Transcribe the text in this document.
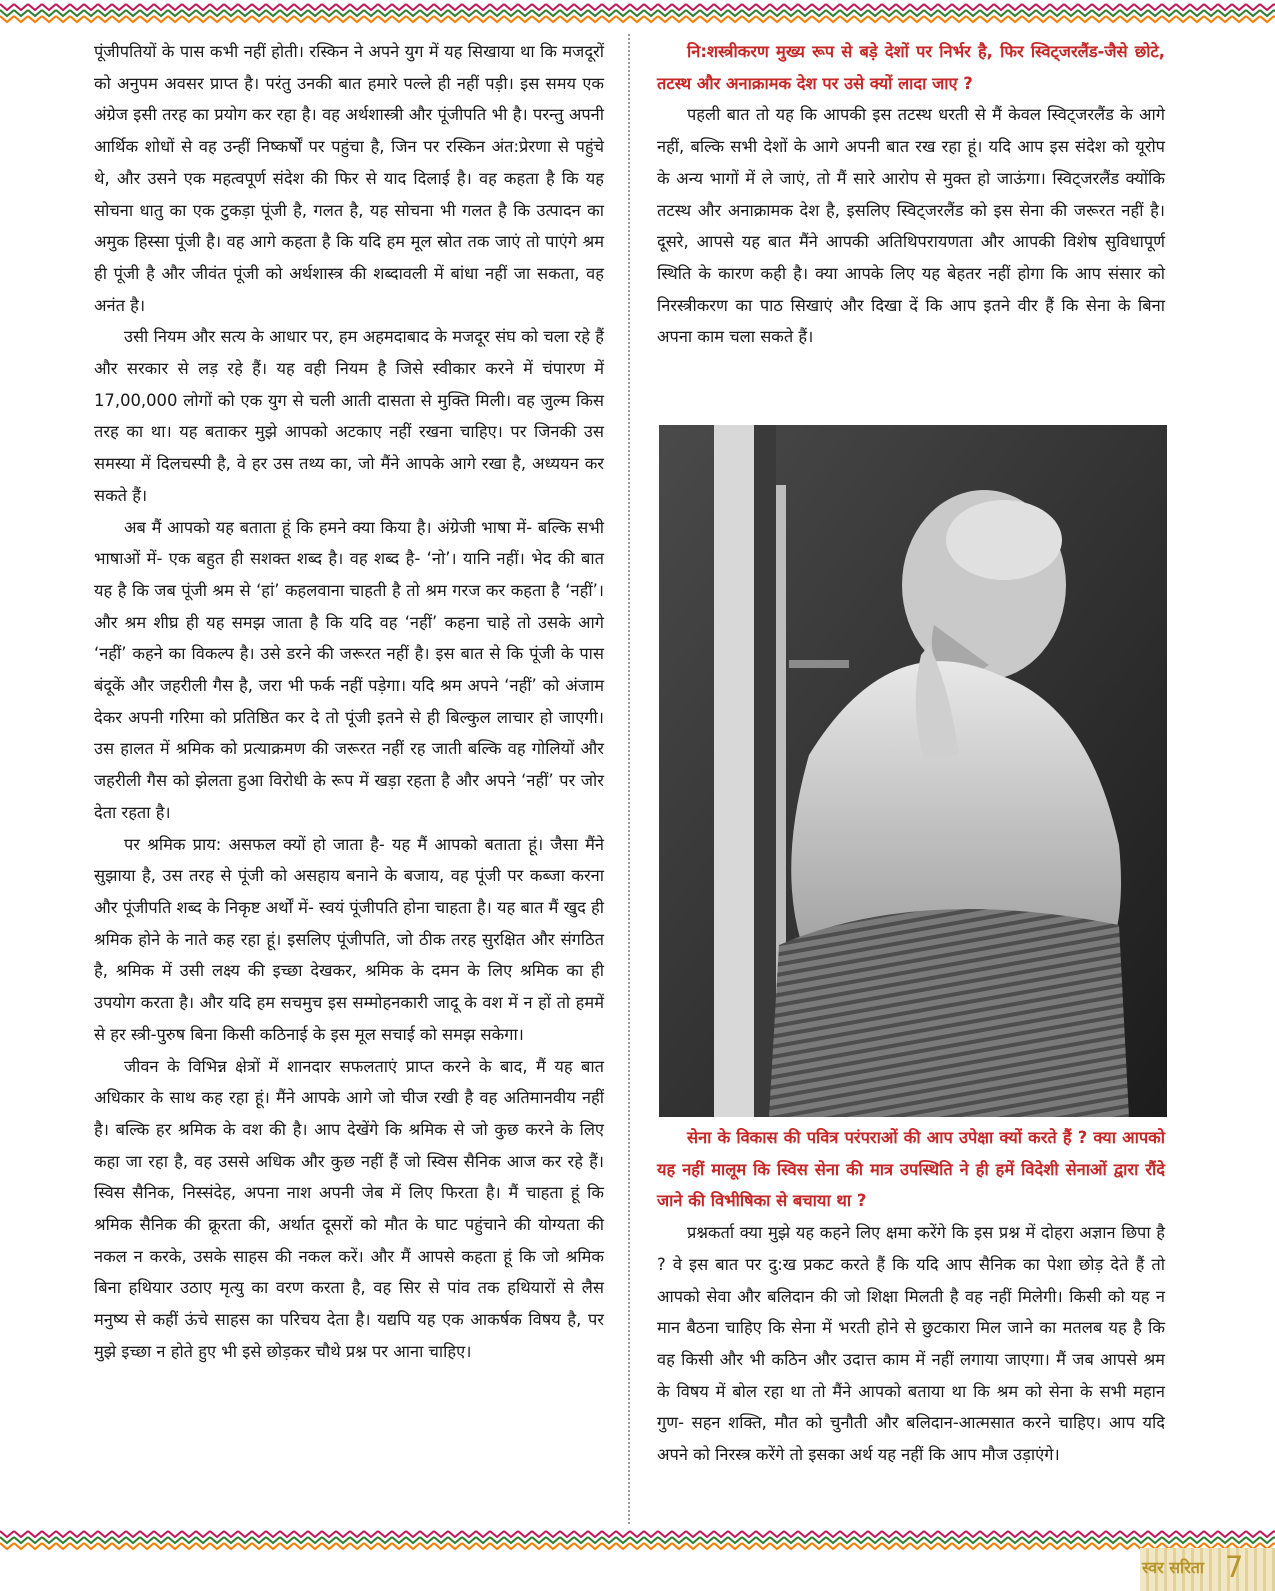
पूंजीपतियों के पास कभी नहीं होती। रस्किन ने अपने युग में यह सिखाया था कि मजदूरों को अनुपम अवसर प्राप्त है। परंतु उनकी बात हमारे पल्ले ही नहीं पड़ी। इस समय एक अंग्रेज इसी तरह का प्रयोग कर रहा है। वह अर्थशास्त्री और पूंजीपति भी है। परन्तु अपनी आर्थिक शोधों से वह उन्हीं निष्कर्षों पर पहुंचा है, जिन पर रस्किन अंत:प्रेरणा से पहुंचे थे, और उसने एक महत्वपूर्ण संदेश की फिर से याद दिलाई है। वह कहता है कि यह सोचना धातु का एक टुकड़ा पूंजी है, गलत है, यह सोचना भी गलत है कि उत्पादन का अमुक हिस्सा पूंजी है। वह आगे कहता है कि यदि हम मूल स्रोत तक जाएं तो पाएंगे श्रम ही पूंजी है और जीवंत पूंजी को अर्थशास्त्र की शब्दावली में बांधा नहीं जा सकता, वह अनंत है।

उसी नियम और सत्य के आधार पर, हम अहमदाबाद के मजदूर संघ को चला रहे हैं और सरकार से लड़ रहे हैं। यह वही नियम है जिसे स्वीकार करने में चंपारण में 17,00,000 लोगों को एक युग से चली आती दासता से मुक्ति मिली। वह जुल्म किस तरह का था। यह बताकर मुझे आपको अटकाए नहीं रखना चाहिए। पर जिनकी उस समस्या में दिलचस्पी है, वे हर उस तथ्य का, जो मैंने आपके आगे रखा है, अध्ययन कर सकते हैं।

अब मैं आपको यह बताता हूं कि हमने क्या किया है। अंग्रेजी भाषा में- बल्कि सभी भाषाओं में- एक बहुत ही सशक्त शब्द है। वह शब्द है- ‘नो’। यानि नहीं। भेद की बात यह है कि जब पूंजी श्रम से ‘हां’ कहलवाना चाहती है तो श्रम गरज कर कहता है ‘नहीं’। और श्रम शीघ्र ही यह समझ जाता है कि यदि वह ‘नहीं’ कहना चाहे तो उसके आगे ‘नहीं’ कहने का विकल्प है। उसे डरने की जरूरत नहीं है। इस बात से कि पूंजी के पास बंदूकें और जहरीली गैस है, जरा भी फर्क नहीं पड़ेगा। यदि श्रम अपने ‘नहीं’ को अंजाम देकर अपनी गरिमा को प्रतिष्ठित कर दे तो पूंजी इतने से ही बिल्कुल लाचार हो जाएगी। उस हालत में श्रमिक को प्रत्याक्रमण की जरूरत नहीं रह जाती बल्कि वह गोलियों और जहरीली गैस को झेलता हुआ विरोधी के रूप में खड़ा रहता है और अपने ‘नहीं’ पर जोर देता रहता है।

पर श्रमिक प्राय: असफल क्यों हो जाता है- यह मैं आपको बताता हूं। जैसा मैंने सुझाया है, उस तरह से पूंजी को असहाय बनाने के बजाय, वह पूंजी पर कब्जा करना और पूंजीपति शब्द के निकृष्ट अर्थों में- स्वयं पूंजीपति होना चाहता है। यह बात मैं खुद ही श्रमिक होने के नाते कह रहा हूं। इसलिए पूंजीपति, जो ठीक तरह सुरक्षित और संगठित है, श्रमिक में उसी लक्ष्य की इच्छा देखकर, श्रमिक के दमन के लिए श्रमिक का ही उपयोग करता है। और यदि हम सचमुच इस सम्मोहनकारी जादू के वश में न हों तो हममें से हर स्त्री-पुरुष बिना किसी कठिनाई के इस मूल सचाई को समझ सकेगा।

जीवन के विभिन्न क्षेत्रों में शानदार सफलताएं प्राप्त करने के बाद, मैं यह बात अधिकार के साथ कह रहा हूं। मैंने आपके आगे जो चीज रखी है वह अतिमानवीय नहीं है। बल्कि हर श्रमिक के वश की है। आप देखेंगे कि श्रमिक से जो कुछ करने के लिए कहा जा रहा है, वह उससे अधिक और कुछ नहीं हैं जो स्विस सैनिक आज कर रहे हैं। स्विस सैनिक, निस्संदेह, अपना नाश अपनी जेब में लिए फिरता है। मैं चाहता हूं कि श्रमिक सैनिक की क्रूरता की, अर्थात दूसरों को मौत के घाट पहुंचाने की योग्यता की नकल न करके, उसके साहस की नकल करें। और मैं आपसे कहता हूं कि जो श्रमिक बिना हथियार उठाए मृत्यु का वरण करता है, वह सिर से पांव तक हथियारों से लैस मनुष्य से कहीं ऊंचे साहस का परिचय देता है। यद्यपि यह एक आकर्षक विषय है, पर मुझे इच्छा न होते हुए भी इसे छोड़कर चौथे प्रश्न पर आना चाहिए।

नि:शस्त्रीकरण मुख्य रूप से बड़े देशों पर निर्भर है, फिर स्विट्जरलैंड-जैसे छोटे, तटस्थ और अनाक्रामक देश पर उसे क्यों लादा जाए ?

पहली बात तो यह कि आपकी इस तटस्थ धरती से मैं केवल स्विट्जरलैंड के आगे नहीं, बल्कि सभी देशों के आगे अपनी बात रख रहा हूं। यदि आप इस संदेश को यूरोप के अन्य भागों में ले जाएं, तो मैं सारे आरोप से मुक्त हो जाऊंगा। स्विट्जरलैंड क्योंकि तटस्थ और अनाक्रामक देश है, इसलिए स्विट्जरलैंड को इस सेना की जरूरत नहीं है। दूसरे, आपसे यह बात मैंने आपकी अतिथिपरायणता और आपकी विशेष सुविधापूर्ण स्थिति के कारण कही है। क्या आपके लिए यह बेहतर नहीं होगा कि आप संसार को निरस्त्रीकरण का पाठ सिखाएं और दिखा दें कि आप इतने वीर हैं कि सेना के बिना अपना काम चला सकते हैं।

सेना के विकास की पवित्र परंपराओं की आप उपेक्षा क्यों करते हैं ? क्या आपको यह नहीं मालूम कि स्विस सेना की मात्र उपस्थिति ने ही हमें विदेशी सेनाओं द्वारा रौंदे जाने की विभीषिका से बचाया था ?

प्रश्नकर्ता क्या मुझे यह कहने लिए क्षमा करेंगे कि इस प्रश्न में दोहरा अज्ञान छिपा है ? वे इस बात पर दु:ख प्रकट करते हैं कि यदि आप सैनिक का पेशा छोड़ देते हैं तो आपको सेवा और बलिदान की जो शिक्षा मिलती है वह नहीं मिलेगी। किसी को यह न मान बैठना चाहिए कि सेना में भरती होने से छुटकारा मिल जाने का मतलब यह है कि वह किसी और भी कठिन और उदात्त काम में नहीं लगाया जाएगा। मैं जब आपसे श्रम के विषय में बोल रहा था तो मैंने आपको बताया था कि श्रम को सेना के सभी महान गुण- सहन शक्ति, मौत को चुनौती और बलिदान-आत्मसात करने चाहिए। आप यदि अपने को निरस्त्र करेंगे तो इसका अर्थ यह नहीं कि आप मौज उड़ाएंगे।

स्वर सरिता 7
